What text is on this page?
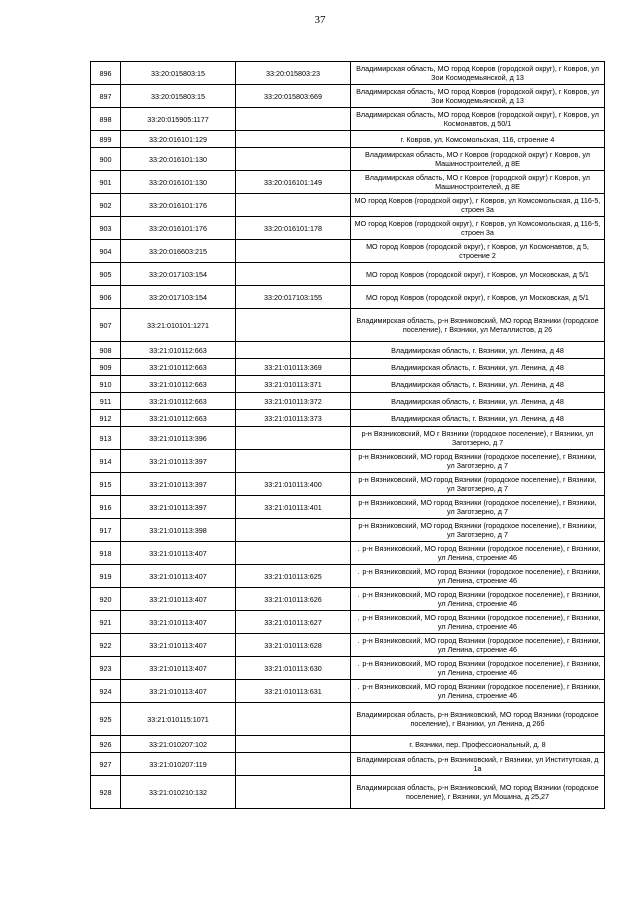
37
896	33:20:015803:15	33:20:015803:23	Владимирская область, МО город Ковров (городской округ), г Ковров, ул Зои Космодемьянской, д 13
897	33:20:015803:15	33:20:015803:669	Владимирская область, МО город Ковров (городской округ), г Ковров, ул Зои Космодемьянской, д 13
898	33:20:015905:1177		Владимирская область, МО город Ковров (городской округ), г Ковров, ул Космонавтов, д 50/1
899	33:20:016101:129		г. Ковров, ул. Комсомольская, 116, строение 4
900	33:20:016101:130		Владимирская область, МО г Ковров (городской округ) г Ковров, ул Машиностроителей, д 8Е
901	33:20:016101:130	33:20:016101:149	Владимирская область, МО г Ковров (городской округ) г Ковров, ул Машиностроителей, д 8Е
902	33:20:016101:176		МО город Ковров (городской округ), г Ковров, ул Комсомольская, д 116-5, строен 3а
903	33:20:016101:176	33:20:016101:178	МО город Ковров (городской округ), г Ковров, ул Комсомольская, д 116-5, строен 3а
904	33:20:016603:215		МО город Ковров (городской округ), г Ковров, ул Космонавтов, д 5, строение 2
905	33:20:017103:154		МО город Ковров (городской округ), г Ковров, ул Московская, д 5/1
906	33:20:017103:154	33:20:017103:155	МО город Ковров (городской округ), г Ковров, ул Московская, д 5/1
907	33:21:010101:1271		Владимирская область, р-н Вязниковский, МО город Вязники (городское поселение), г Вязники, ул Металлистов, д 26
908	33:21:010112:663		Владимирская область, г. Вязники, ул. Ленина, д 48
909	33:21:010112:663	33:21:010113:369	Владимирская область, г. Вязники, ул. Ленина, д 48
910	33:21:010112:663	33:21:010113:371	Владимирская область, г. Вязники, ул. Ленина, д 48
911	33:21:010112:663	33:21:010113:372	Владимирская область, г. Вязники, ул. Ленина, д 48
912	33:21:010112:663	33:21:010113:373	Владимирская область, г. Вязники, ул. Ленина, д 48
913	33:21:010113:396		р-н Вязниковский, МО г Вязники (городское поселение), г Вязники, ул Заготзерно, д 7
914	33:21:010113:397		р-н Вязниковский, МО город Вязники (городское поселение), г Вязники, ул Заготзерно, д 7
915	33:21:010113:397	33:21:010113:400	р-н Вязниковский, МО город Вязники (городское поселение), г Вязники, ул Заготзерно, д 7
916	33:21:010113:397	33:21:010113:401	р-н Вязниковский, МО город Вязники (городское поселение), г Вязники, ул Заготзерно, д 7
917	33:21:010113:398		р-н Вязниковский, МО город Вязники (городское поселение), г Вязники, ул Заготзерно, д 7
918	33:21:010113:407		. р-н Вязниковский, МО город Вязники (городское поселение), г Вязники, ул Ленина, строение 46
919	33:21:010113:407	33:21:010113:625	. р-н Вязниковский, МО город Вязники (городское поселение), г Вязники, ул Ленина, строение 46
920	33:21:010113:407	33:21:010113:626	. р-н Вязниковский, МО город Вязники (городское поселение), г Вязники, ул Ленина, строение 46
921	33:21:010113:407	33:21:010113:627	. р-н Вязниковский, МО город Вязники (городское поселение), г Вязники, ул Ленина, строение 46
922	33:21:010113:407	33:21:010113:628	. р-н Вязниковский, МО город Вязники (городское поселение), г Вязники, ул Ленина, строение 46
923	33:21:010113:407	33:21:010113:630	. р-н Вязниковский, МО город Вязники (городское поселение), г Вязники, ул Ленина, строение 46
924	33:21:010113:407	33:21:010113:631	. р-н Вязниковский, МО город Вязники (городское поселение), г Вязники, ул Ленина, строение 46
925	33:21:010115:1071		Владимирская область, р-н Вязниковский, МО город Вязники (городское поселение), г Вязники, ул Ленина, д 26б
926	33:21:010207:102		г. Вязники, пер. Профессиональный, д. 8
927	33:21:010207:119		Владимирская область, р-н Вязниковский, г Вязники, ул Институтская, д 1а
928	33:21:010210:132		Владимирская область, р-н Вязниковский, МО город Вязники (городское поселение), г Вязники, ул Мошина, д 25,27
